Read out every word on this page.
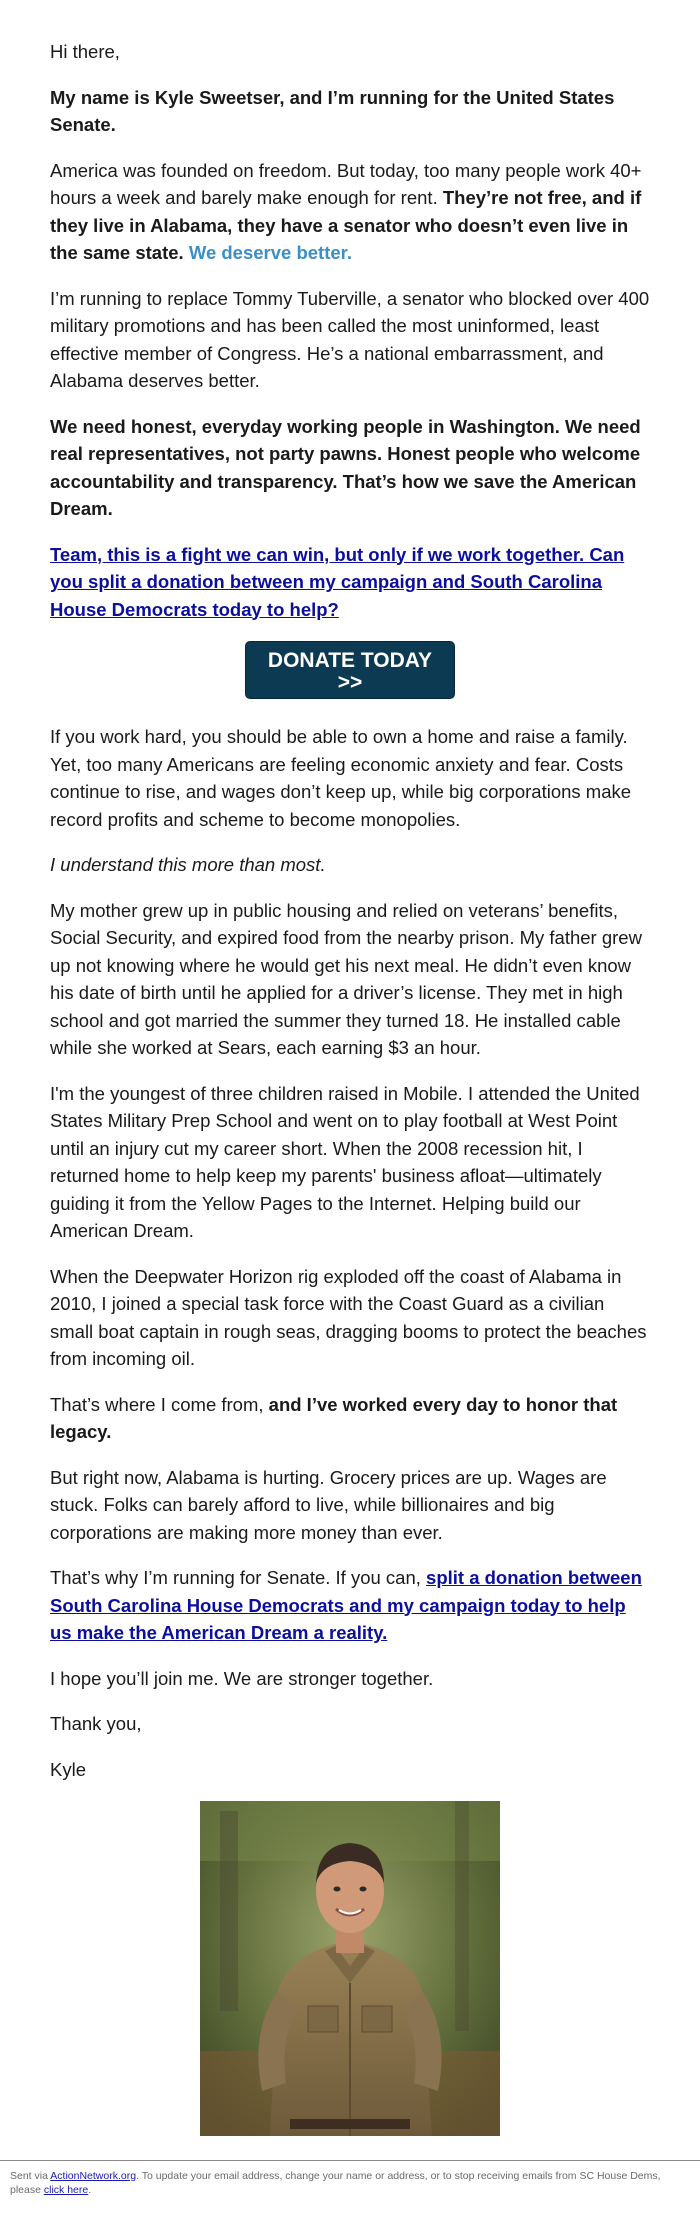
Hi there,

My name is Kyle Sweetser, and I’m running for the United States Senate.

America was founded on freedom. But today, too many people work 40+ hours a week and barely make enough for rent. They’re not free, and if they live in Alabama, they have a senator who doesn’t even live in the same state. We deserve better.

I’m running to replace Tommy Tuberville, a senator who blocked over 400 military promotions and has been called the most uninformed, least effective member of Congress. He’s a national embarrassment, and Alabama deserves better.

We need honest, everyday working people in Washington. We need real representatives, not party pawns. Honest people who welcome accountability and transparency. That’s how we save the American Dream.

Team, this is a fight we can win, but only if we work together. Can you split a donation between my campaign and South Carolina House Democrats today to help?

DONATE TODAY
>>

If you work hard, you should be able to own a home and raise a family. Yet, too many Americans are feeling economic anxiety and fear. Costs continue to rise, and wages don’t keep up, while big corporations make record profits and scheme to become monopolies.

I understand this more than most.

My mother grew up in public housing and relied on veterans’ benefits, Social Security, and expired food from the nearby prison. My father grew up not knowing where he would get his next meal. He didn’t even know his date of birth until he applied for a driver’s license. They met in high school and got married the summer they turned 18. He installed cable while she worked at Sears, each earning $3 an hour.

I'm the youngest of three children raised in Mobile. I attended the United States Military Prep School and went on to play football at West Point until an injury cut my career short. When the 2008 recession hit, I returned home to help keep my parents' business afloat—ultimately guiding it from the Yellow Pages to the Internet. Helping build our American Dream.

When the Deepwater Horizon rig exploded off the coast of Alabama in 2010, I joined a special task force with the Coast Guard as a civilian small boat captain in rough seas, dragging booms to protect the beaches from incoming oil.

That’s where I come from, and I’ve worked every day to honor that legacy.

But right now, Alabama is hurting. Grocery prices are up. Wages are stuck. Folks can barely afford to live, while billionaires and big corporations are making more money than ever.

That’s why I’m running for Senate. If you can, split a donation between South Carolina House Democrats and my campaign today to help us make the American Dream a reality.

I hope you’ll join me. We are stronger together.

Thank you,

Kyle

Sent via ActionNetwork.org. To update your email address, change your name or address, or to stop receiving emails from SC House Dems, please click here.
